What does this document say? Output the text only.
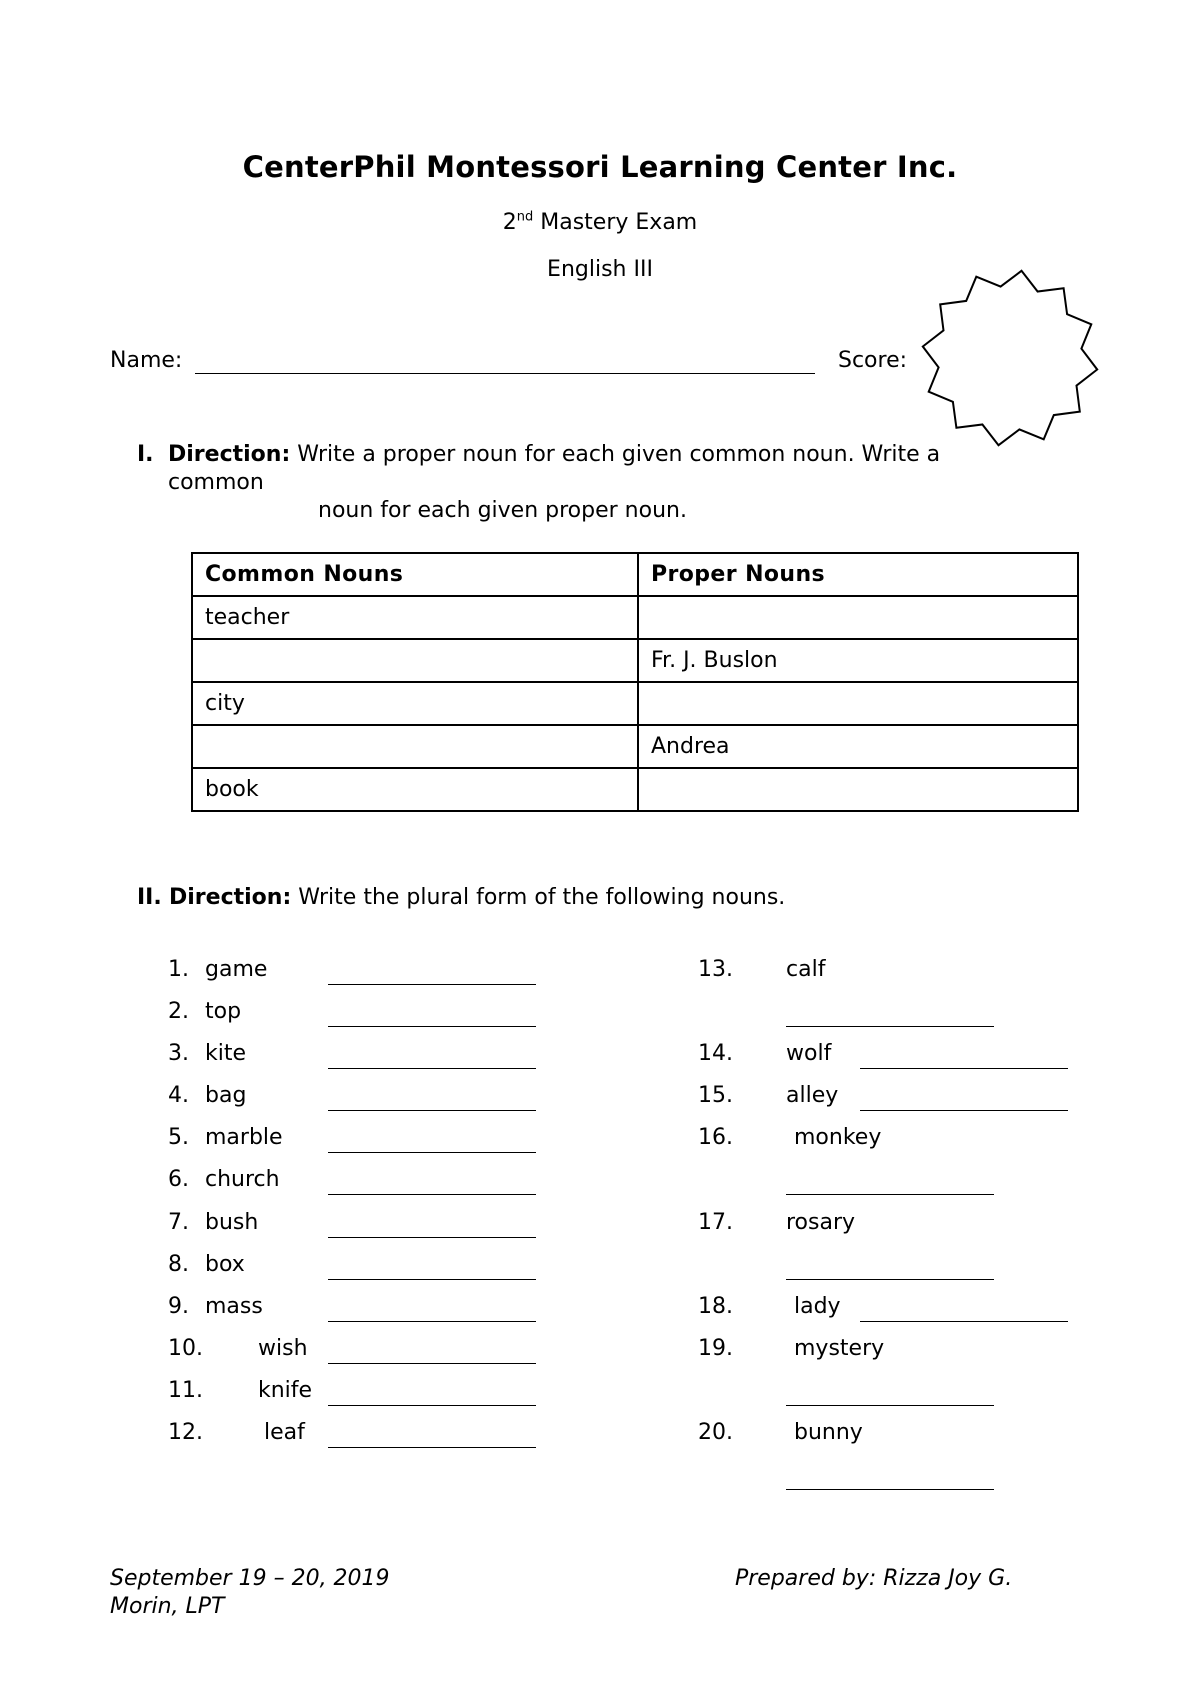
CenterPhil Montessori Learning Center Inc.
2nd Mastery Exam
English III
Name:	Score:
I. Direction: Write a proper noun for each given common noun. Write a common
noun for each given proper noun.
Common Nouns	Proper Nouns
teacher	
	Fr. J. Buslon
city	
	Andrea
book	
II. Direction: Write the plural form of the following nouns.
1. game
2. top
3. kite
4. bag
5. marble
6. church
7. bush
8. box
9. mass
10.	wish
11.	knife
12.	leaf
13. calf
14. wolf
15. alley
16.	monkey
17. rosary
18.	lady
19.	mystery
20.	bunny
September 19 – 20, 2019	Prepared by: Rizza Joy G.
Morin, LPT
